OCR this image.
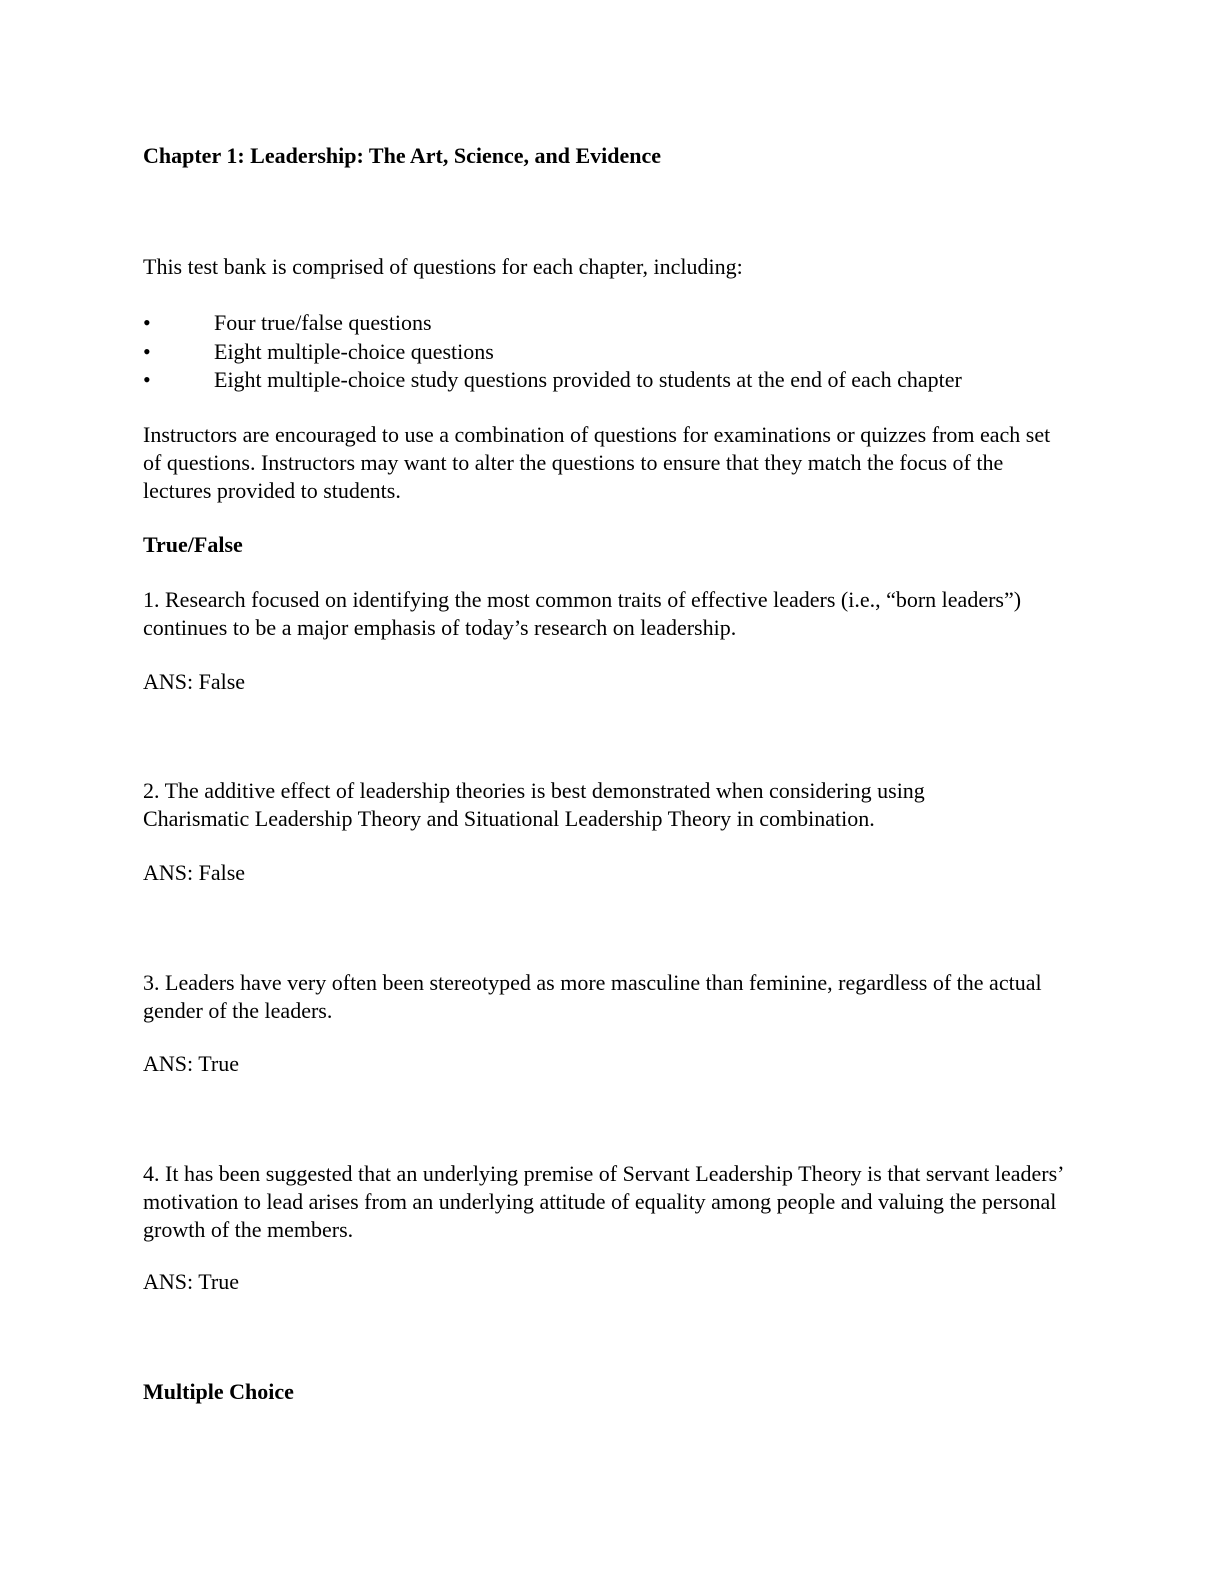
Chapter 1: Leadership: The Art, Science, and Evidence

This test bank is comprised of questions for each chapter, including:

•	Four true/false questions
•	Eight multiple-choice questions
•	Eight multiple-choice study questions provided to students at the end of each chapter

Instructors are encouraged to use a combination of questions for examinations or quizzes from each set of questions. Instructors may want to alter the questions to ensure that they match the focus of the lectures provided to students.

True/False

1. Research focused on identifying the most common traits of effective leaders (i.e., “born leaders”) continues to be a major emphasis of today’s research on leadership.

ANS: False

2. The additive effect of leadership theories is best demonstrated when considering using Charismatic Leadership Theory and Situational Leadership Theory in combination.

ANS: False

3. Leaders have very often been stereotyped as more masculine than feminine, regardless of the actual gender of the leaders.

ANS: True

4. It has been suggested that an underlying premise of Servant Leadership Theory is that servant leaders’ motivation to lead arises from an underlying attitude of equality among people and valuing the personal growth of the members.

ANS: True

Multiple Choice
